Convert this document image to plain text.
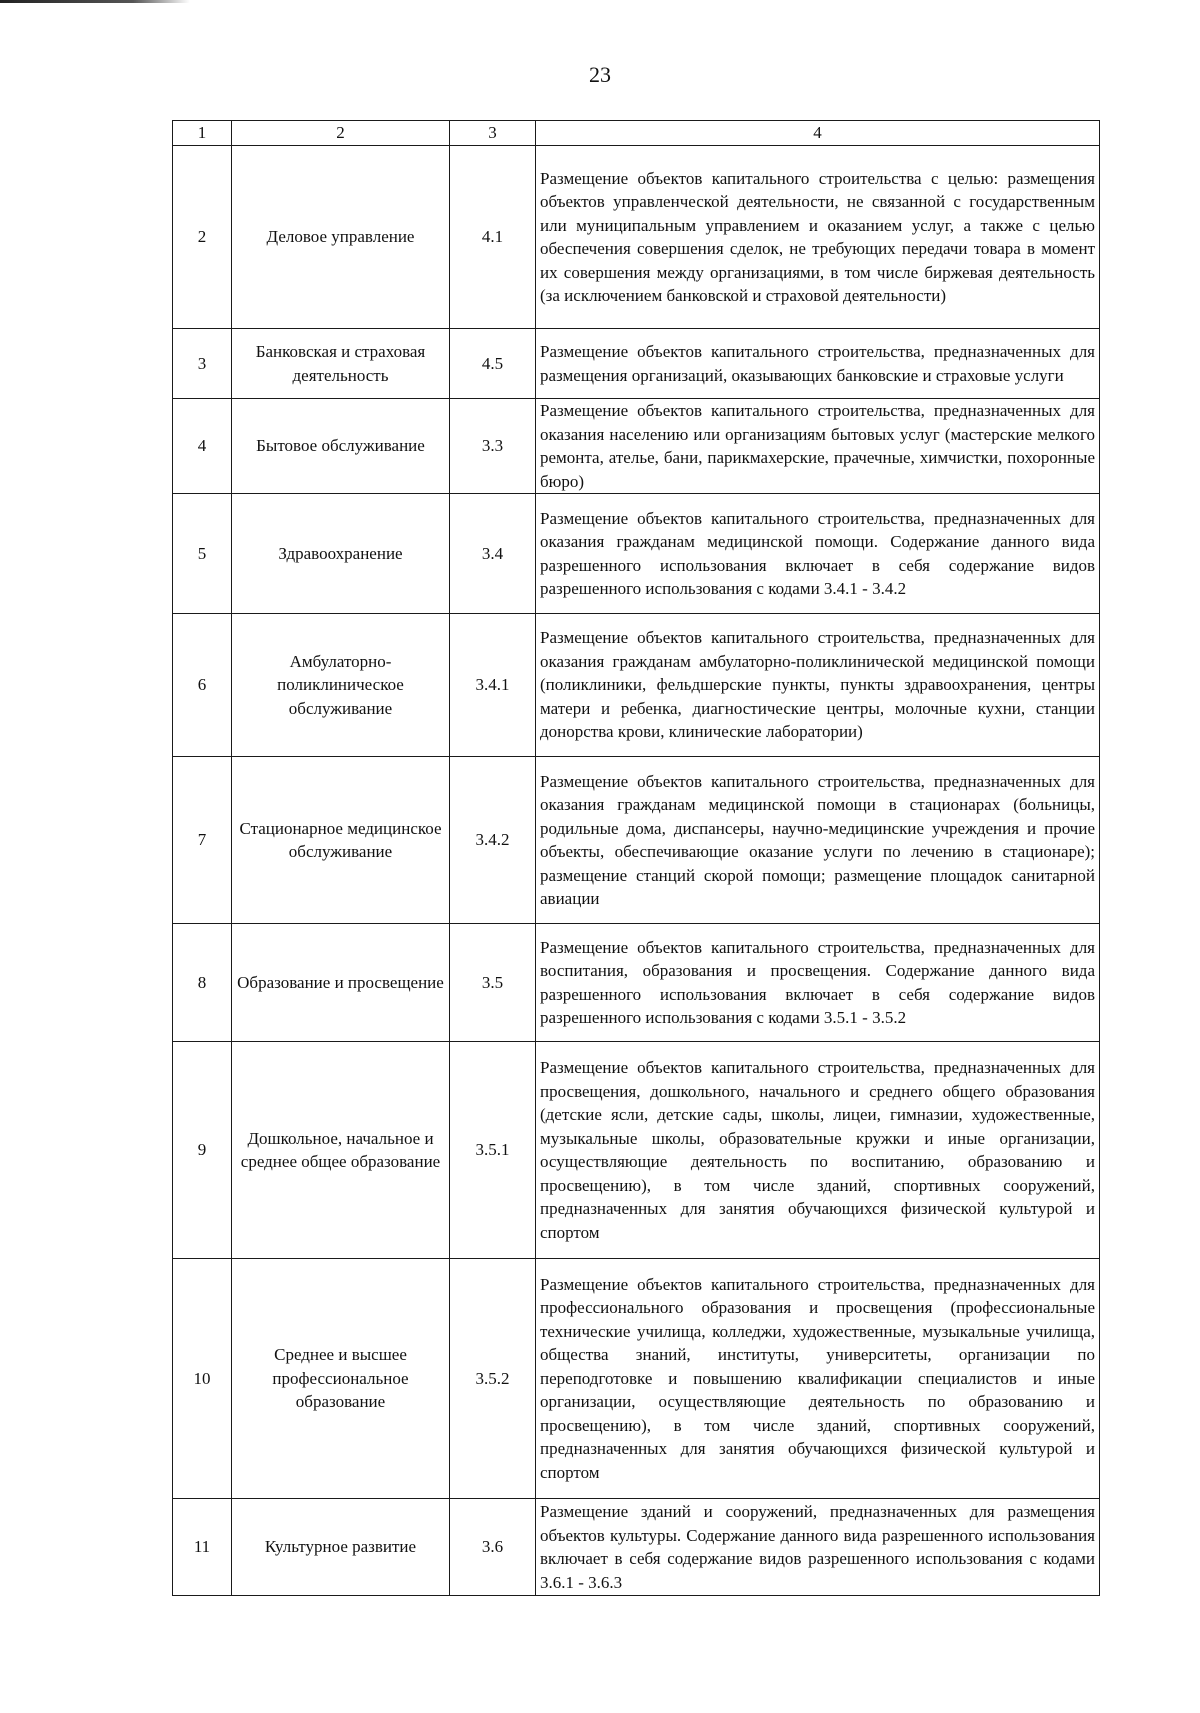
23
1	2	3	4
2	Деловое управление	4.1	Размещение объектов капитального строительства с целью: размещения объектов управленческой деятельности, не связанной с государственным или муниципальным управлением и оказанием услуг, а также с целью обеспечения совершения сделок, не требующих передачи товара в момент их совершения между организациями, в том числе биржевая деятельность (за исключением банковской и страховой деятельности)
3	Банковская и страховая деятельность	4.5	Размещение объектов капитального строительства, предназначенных для размещения организаций, оказывающих банковские и страховые услуги
4	Бытовое обслуживание	3.3	Размещение объектов капитального строительства, предназначенных для оказания населению или организациям бытовых услуг (мастерские мелкого ремонта, ателье, бани, парикмахерские, прачечные, химчистки, похоронные бюро)
5	Здравоохранение	3.4	Размещение объектов капитального строительства, предназначенных для оказания гражданам медицинской помощи. Содержание данного вида разрешенного использования включает в себя содержание видов разрешенного использования с кодами 3.4.1 - 3.4.2
6	Амбулаторно-поликлиническое обслуживание	3.4.1	Размещение объектов капитального строительства, предназначенных для оказания гражданам амбулаторно-поликлинической медицинской помощи (поликлиники, фельдшерские пункты, пункты здравоохранения, центры матери и ребенка, диагностические центры, молочные кухни, станции донорства крови, клинические лаборатории)
7	Стационарное медицинское обслуживание	3.4.2	Размещение объектов капитального строительства, предназначенных для оказания гражданам медицинской помощи в стационарах (больницы, родильные дома, диспансеры, научно-медицинские учреждения и прочие объекты, обеспечивающие оказание услуги по лечению в стационаре); размещение станций скорой помощи; размещение площадок санитарной авиации
8	Образование и просвещение	3.5	Размещение объектов капитального строительства, предназначенных для воспитания, образования и просвещения. Содержание данного вида разрешенного использования включает в себя содержание видов разрешенного использования с кодами 3.5.1 - 3.5.2
9	Дошкольное, начальное и среднее общее образование	3.5.1	Размещение объектов капитального строительства, предназначенных для просвещения, дошкольного, начального и среднего общего образования (детские ясли, детские сады, школы, лицеи, гимназии, художественные, музыкальные школы, образовательные кружки и иные организации, осуществляющие деятельность по воспитанию, образованию и просвещению), в том числе зданий, спортивных сооружений, предназначенных для занятия обучающихся физической культурой и спортом
10	Среднее и высшее профессиональное образование	3.5.2	Размещение объектов капитального строительства, предназначенных для профессионального образования и просвещения (профессиональные технические училища, колледжи, художественные, музыкальные училища, общества знаний, институты, университеты, организации по переподготовке и повышению квалификации специалистов и иные организации, осуществляющие деятельность по образованию и просвещению), в том числе зданий, спортивных сооружений, предназначенных для занятия обучающихся физической культурой и спортом
11	Культурное развитие	3.6	Размещение зданий и сооружений, предназначенных для размещения объектов культуры. Содержание данного вида разрешенного использования включает в себя содержание видов разрешенного использования с кодами 3.6.1 - 3.6.3
